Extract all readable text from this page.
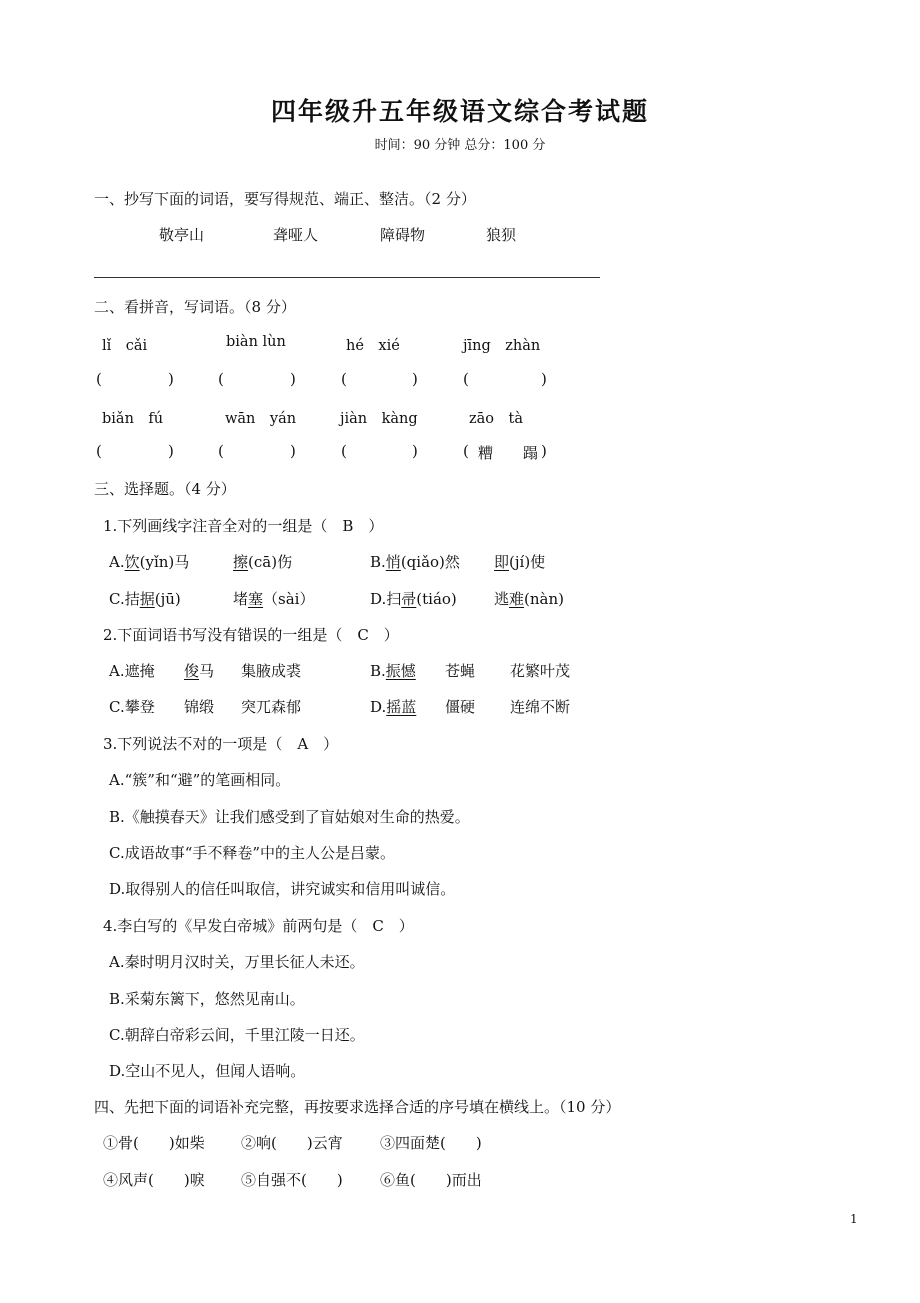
四年级升五年级语文综合考试题
时间：90 分钟 总分：100 分
一、抄写下面的词语，要写得规范、端正、整洁。（2 分）
敬亭山	聋哑人	障碍物	狼狈
二、看拼音，写词语。（8 分）
lǐ　cǎi	biàn lùn	hé　xié	jīng　zhàn
(	)	(	)	(	)	(	)
biǎn　fú	wān　yán	jiàn　kàng	zāo　tà
(	)	(	)	(	)	( 糟　　蹋 )
三、选择题。（4 分）
1.下列画线字注音全对的一组是（　B　）
A.饮(yǐn)马	擦(cā)伤	B.悄(qiǎo)然 即(jí)使
C.拮据(jū)	堵塞（sài）	D.扫帚(tiáo) 逃难(nàn)
2.下面词语书写没有错误的一组是（　C　）
A.遮掩 俊马 集腋成裘	B.振憾 苍蝇 花繁叶茂
C.攀登 锦缎 突兀森郁	D.摇蓝 僵硬 连绵不断
3.下列说法不对的一项是（　A　）
A.“簇”和“避”的笔画相同。
B.《触摸春天》让我们感受到了盲姑娘对生命的热爱。
C.成语故事“手不释卷”中的主人公是吕蒙。
D.取得别人的信任叫取信，讲究诚实和信用叫诚信。
4.李白写的《早发白帝城》前两句是（　C　）
A.秦时明月汉时关，万里长征人未还。
B.采菊东篱下，悠然见南山。
C.朝辞白帝彩云间，千里江陵一日还。
D.空山不见人，但闻人语响。
四、先把下面的词语补充完整，再按要求选择合适的序号填在横线上。（10 分）
①骨(　　)如柴 ②响(　　)云宵 ③四面楚(　　)
④风声(　　)唳 ⑤自强不(　　) ⑥鱼(　　)而出
1
